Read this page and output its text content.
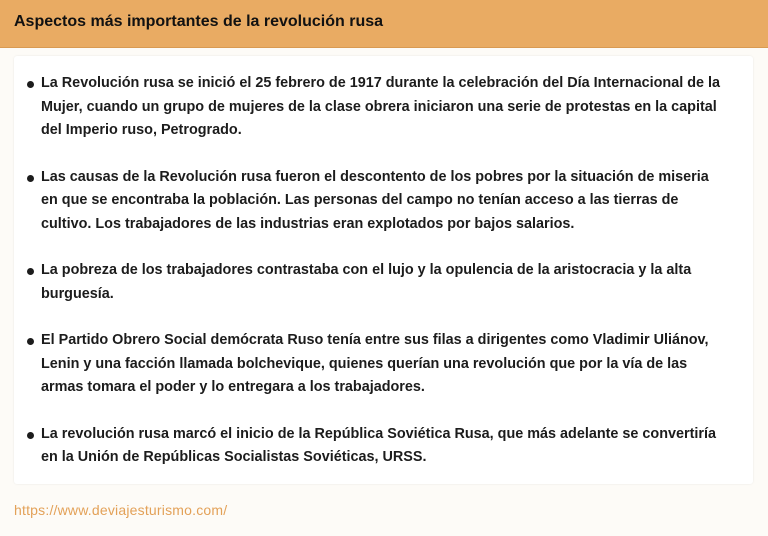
Aspectos más importantes de la revolución rusa
La Revolución rusa se inició el 25 febrero de 1917 durante la celebración del Día Internacional de la Mujer, cuando un grupo de mujeres de la clase obrera iniciaron una serie de protestas en la capital del Imperio ruso, Petrogrado.
Las causas de la Revolución rusa fueron el descontento de los pobres por la situación de miseria en que se encontraba la población. Las personas del campo no tenían acceso a las tierras de cultivo. Los trabajadores de las industrias eran explotados por bajos salarios.
La pobreza de los trabajadores contrastaba con el lujo y la opulencia de la aristocracia y la alta burguesía.
El Partido Obrero Social demócrata Ruso tenía entre sus filas a dirigentes como Vladimir Uliánov, Lenin y una facción llamada bolchevique, quienes querían una revolución que por la vía de las armas tomara el poder y lo entregara a los trabajadores.
La revolución rusa marcó el inicio de la República Soviética Rusa, que más adelante se convertiría en la Unión de Repúblicas Socialistas Soviéticas, URSS.
https://www.deviajesturismo.com/
